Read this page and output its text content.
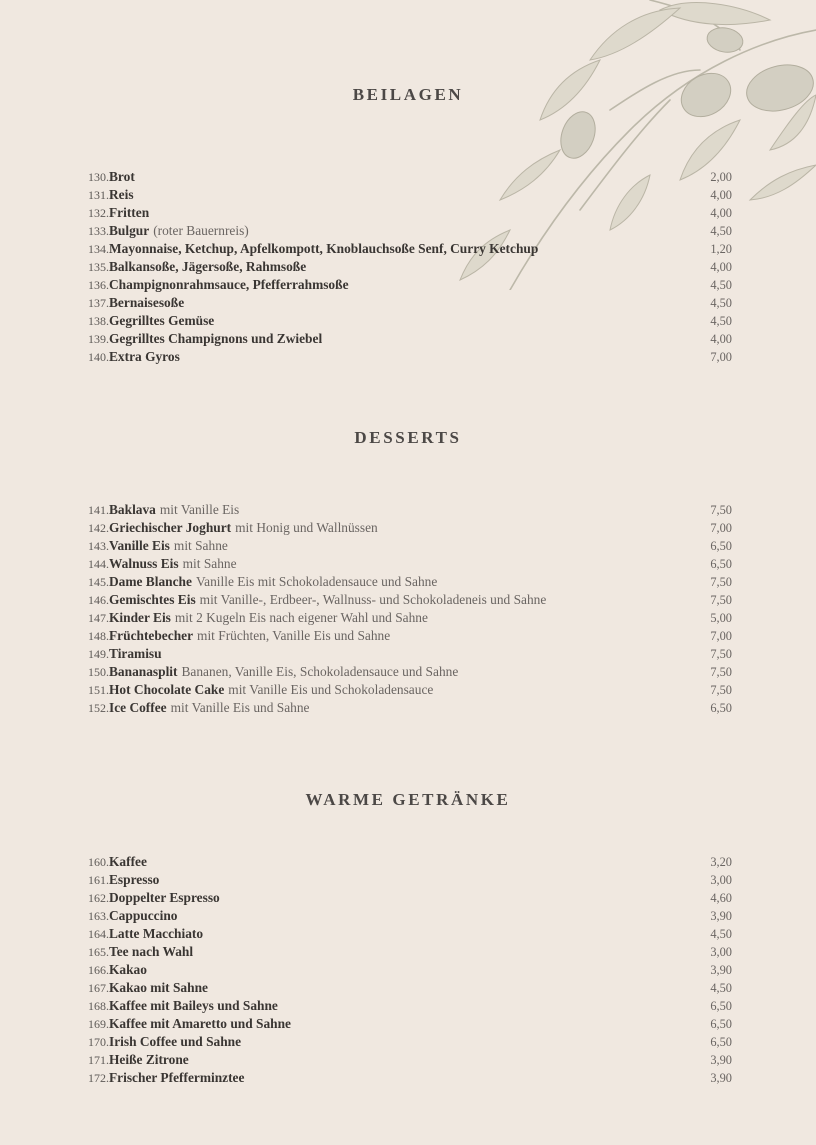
BEILAGEN
130. Brot	2,00
131. Reis	4,00
132. Fritten	4,00
133. Bulgur (roter Bauernreis)	4,50
134. Mayonnaise, Ketchup, Apfelkompott, Knoblauchsoße Senf, Curry Ketchup	1,20
135. Balkansoße, Jägersoße, Rahmsoße	4,00
136. Champignonrahmsauce, Pfefferrahmsoße	4,50
137. Bernaisesoße	4,50
138. Gegrilltes Gemüse	4,50
139. Gegrilltes Champignons und Zwiebel	4,00
140. Extra Gyros	7,00
DESSERTS
141. Baklava mit Vanille Eis	7,50
142. Griechischer Joghurt mit Honig und Wallnüssen	7,00
143. Vanille Eis mit Sahne	6,50
144. Walnuss Eis mit Sahne	6,50
145. Dame Blanche Vanille Eis mit Schokoladensauce und Sahne	7,50
146. Gemischtes Eis mit Vanille-, Erdbeer-, Wallnuss- und Schokoladeneis und Sahne	7,50
147. Kinder Eis mit 2 Kugeln Eis nach eigener Wahl und Sahne	5,00
148. Früchtebecher mit Früchten, Vanille Eis und Sahne	7,00
149. Tiramisu	7,50
150. Bananasplit Bananen, Vanille Eis, Schokoladensauce und Sahne	7,50
151. Hot Chocolate Cake mit Vanille Eis und Schokoladensauce	7,50
152. Ice Coffee mit Vanille Eis und Sahne	6,50
WARME GETRÄNKE
160. Kaffee	3,20
161. Espresso	3,00
162. Doppelter Espresso	4,60
163. Cappuccino	3,90
164. Latte Macchiato	4,50
165. Tee nach Wahl	3,00
166. Kakao	3,90
167. Kakao mit Sahne	4,50
168. Kaffee mit Baileys und Sahne	6,50
169. Kaffee mit Amaretto und Sahne	6,50
170. Irish Coffee und Sahne	6,50
171. Heiße Zitrone	3,90
172. Frischer Pfefferminztee	3,90
